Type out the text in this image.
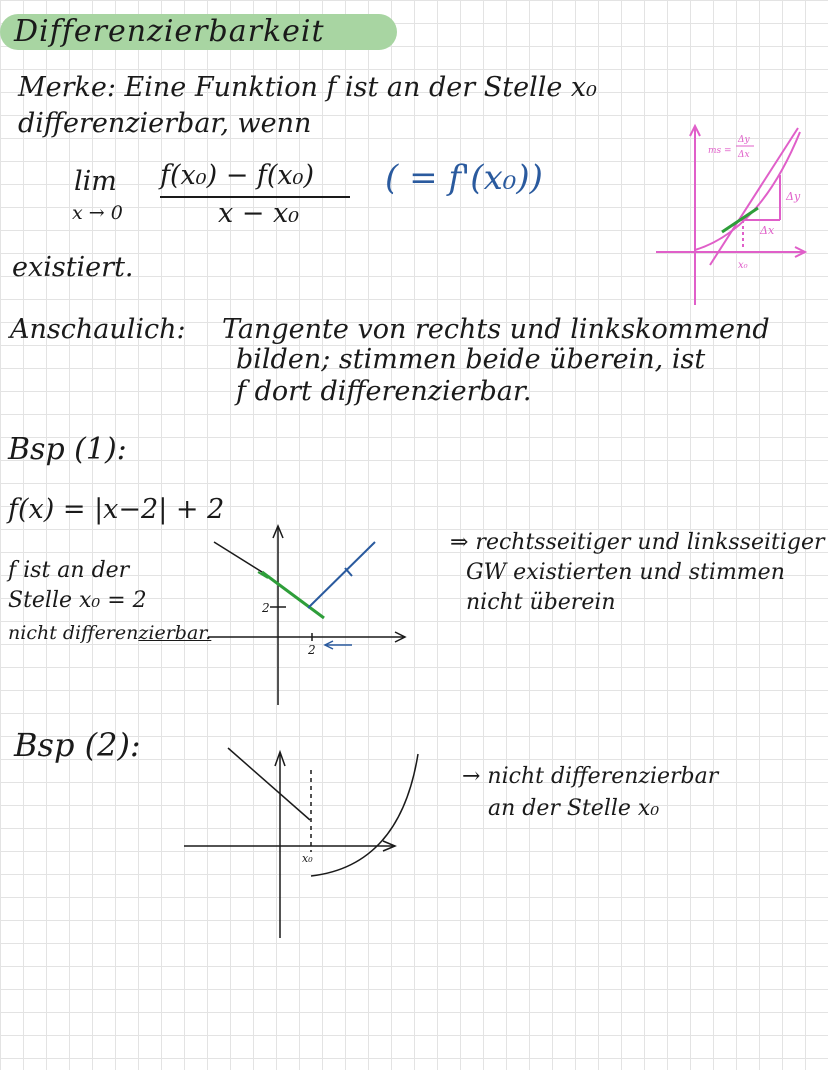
Differenzierbarkeit
Merke: Eine Funktion f ist an der Stelle x₀
differenzierbar, wenn
lim
x → 0
f(x₀) − f(x₀)
x − x₀
( = f'(x₀))
existiert.
ms =
Δy
Δx
Δy
Δx
x₀
Anschaulich: Tangente von rechts und linkskommend
bilden; stimmen beide überein, ist
f dort differenzierbar.
Bsp (1):
f(x) = |x−2| + 2
f ist an der
Stelle x₀ = 2
nicht differenzierbar.
2
2
⇒ rechtsseitiger und linksseitiger
GW existierten und stimmen
nicht überein
Bsp (2):
x₀
→ nicht differenzierbar
an der Stelle x₀
